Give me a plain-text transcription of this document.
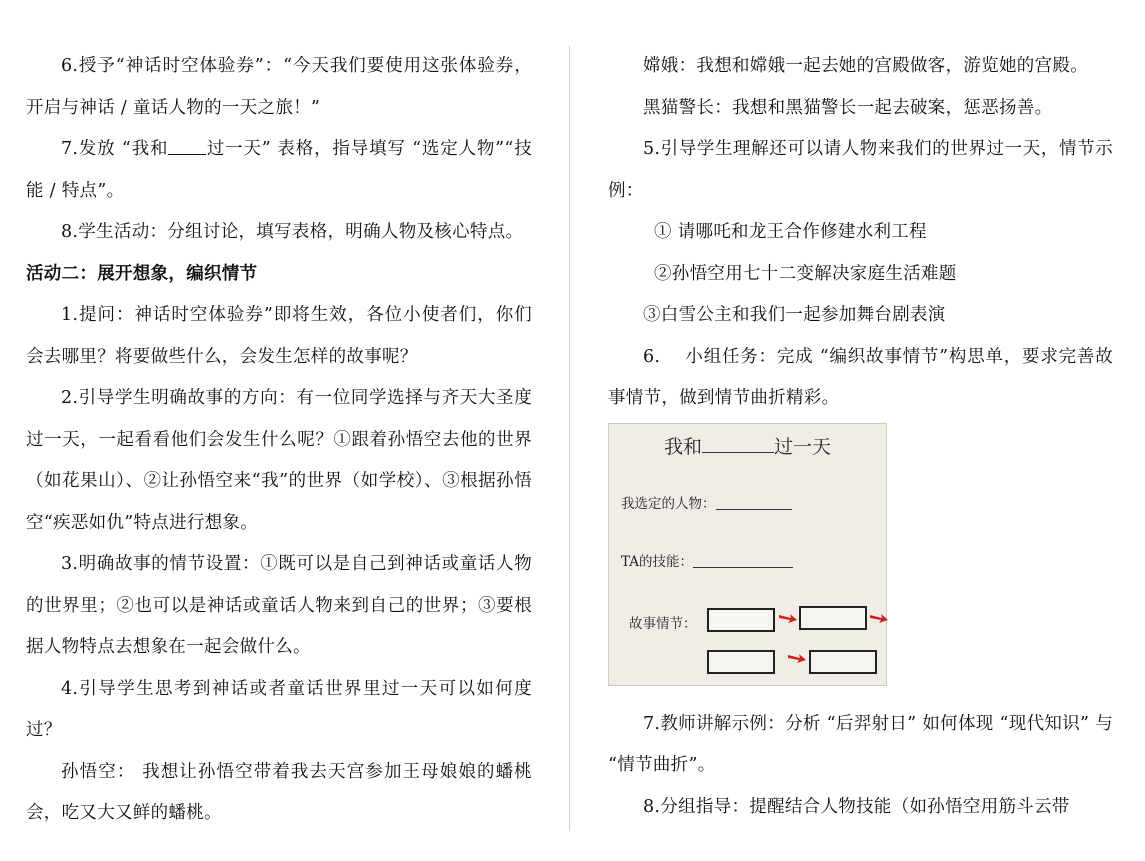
6.授予“神话时空体验券”：“今天我们要使用这张体验券，开启与神话 / 童话人物的一天之旅！”

7.发放 “我和 过一天” 表格，指导填写 “选定人物”“技能 / 特点”。

8.学生活动：分组讨论，填写表格，明确人物及核心特点。

活动二：展开想象，编织情节

1.提问：神话时空体验券”即将生效，各位小使者们，你们会去哪里？将要做些什么，会发生怎样的故事呢？

2.引导学生明确故事的方向：有一位同学选择与齐天大圣度过一天，一起看看他们会发生什么呢？①跟着孙悟空去他的世界（如花果山）、②让孙悟空来“我”的世界（如学校）、③根据孙悟空“疾恶如仇”特点进行想象。

3.明确故事的情节设置：①既可以是自己到神话或童话人物的世界里；②也可以是神话或童话人物来到自己的世界；③要根据人物特点去想象在一起会做什么。

4.引导学生思考到神话或者童话世界里过一天可以如何度过？

孙悟空： 我想让孙悟空带着我去天宫参加王母娘娘的蟠桃会，吃又大又鲜的蟠桃。

嫦娥：我想和嫦娥一起去她的宫殿做客，游览她的宫殿。

黑猫警长：我想和黑猫警长一起去破案，惩恶扬善。

5.引导学生理解还可以请人物来我们的世界过一天，情节示例：

① 请哪吒和龙王合作修建水利工程

②孙悟空用七十二变解决家庭生活难题

③白雪公主和我们一起参加舞台剧表演

6.　 小组任务：完成 “编织故事情节”构思单，要求完善故事情节，做到情节曲折精彩。

7.教师讲解示例：分析 “后羿射日” 如何体现 “现代知识” 与 “情节曲折”。

8.分组指导：提醒结合人物技能（如孙悟空用筋斗云带

我和	过一天
我选定的人物：
TA的技能：
故事情节：
